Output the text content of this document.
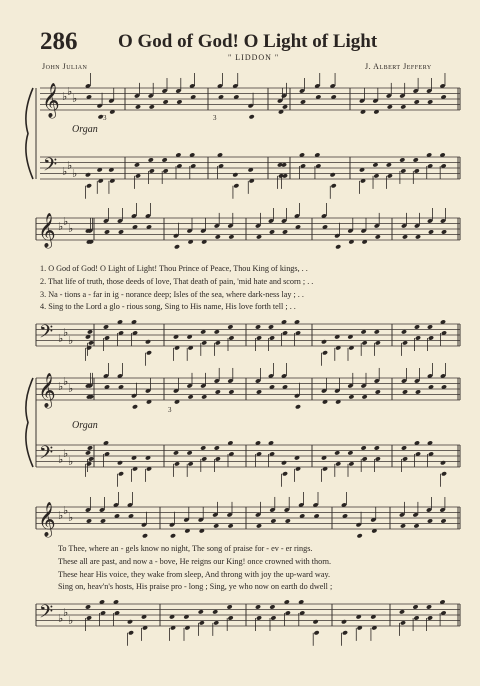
286 O God of God! O Light of Light
" LIDDON "
John Julian	J. Albert Jeffery
𝄞 ♭ ♭
♭
𝄢 ♭ ♭
♭
𝄞 ♭ ♭
♭
𝄢 ♭ ♭
♭
𝄞 ♭ ♭
♭
𝄢 ♭ ♭
♭
𝄞 ♭ ♭
♭
𝄢 ♭ ♭
♭
3	3
3
Organ
Organ
1. O God of God! O Light of Light! Thou Prince of Peace, Thou King of kings, . .
2. That life of truth, those deeds of love, That death of pain, 'mid hate and scorn ; . .
3. Na - tions a - far in ig - norance deep; Isles of the sea, where dark-ness lay ; . .
4. Sing to the Lord a glo - rious song, Sing to His name, His love forth tell ; . .
To Thee, where an - gels know no night, The song of praise for - ev - er rings.
These all are past, and now a - bove, He reigns our King! once crowned with thorn.
These hear His voice, they wake from sleep, And throng with joy the up-ward way.
Sing on, heav'n's hosts, His praise pro - long ; Sing, ye who now on earth do dwell ;
